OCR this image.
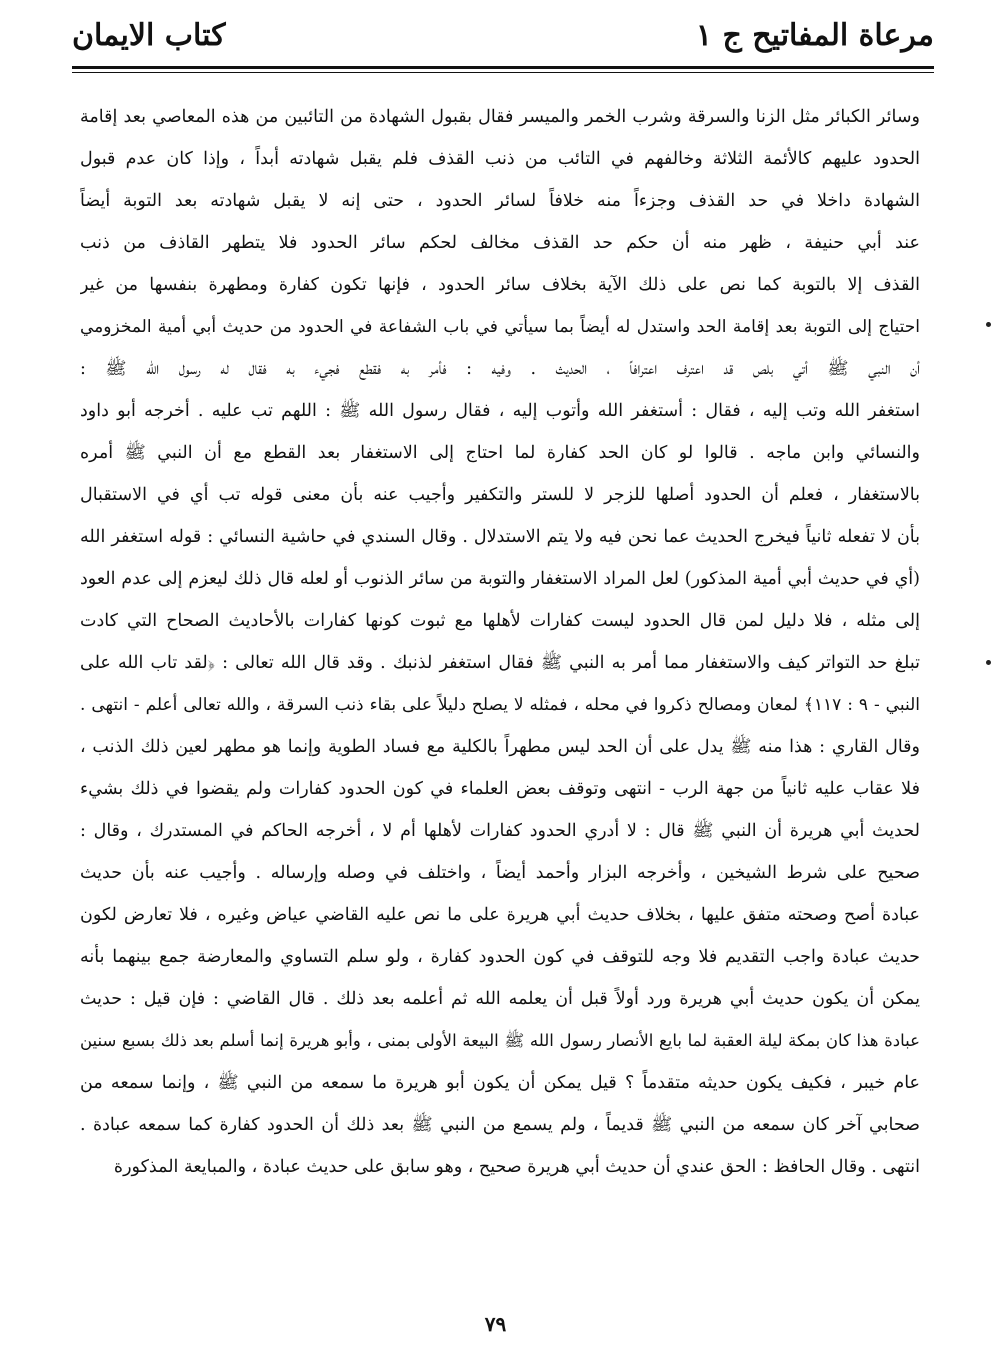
مرعاة المفاتيح ج ١
كتاب الايمان
وسائر الكبائر مثل الزنا والسرقة وشرب الخمر والميسر فقال بقبول الشهادة من التائبين من هذه المعاصي بعد إقامة
الحدود عليهم كالأئمة الثلاثة وخالفهم في التائب من ذنب القذف فلم يقبل شهادته أبداً ، وإذا كان عدم قبول
الشهادة داخلا في حد القذف وجزءاً منه خلافاً لسائر الحدود ، حتى إنه لا يقبل شهادته بعد التوبة أيضاً
عند أبي حنيفة ، ظهر منه أن حكم حد القذف مخالف لحكم سائر الحدود فلا يتطهر القاذف من ذنب
القذف إلا بالتوبة كما نص على ذلك الآية بخلاف سائر الحدود ، فإنها تكون كفارة ومطهرة بنفسها من غير
احتياج إلى التوبة بعد إقامة الحد واستدل له أيضاً بما سيأتي في باب الشفاعة في الحدود من حديث أبي أمية المخزومي
أن النبي ﷺ أتي بلص قد اعترف اعترافاً ، الحديث . وفيه : فأمر به فقطع فجيء به فقال له رسول الله ﷺ :
استغفر الله وتب إليه ، فقال : أستغفر الله وأتوب إليه ، فقال رسول الله ﷺ : اللهم تب عليه . أخرجه أبو داود
والنسائي وابن ماجه . قالوا لو كان الحد كفارة لما احتاج إلى الاستغفار بعد القطع مع أن النبي ﷺ أمره
بالاستغفار ، فعلم أن الحدود أصلها للزجر لا للستر والتكفير وأجيب عنه بأن معنى قوله تب أي في الاستقبال
بأن لا تفعله ثانياً فيخرج الحديث عما نحن فيه ولا يتم الاستدلال . وقال السندي في حاشية النسائي : قوله استغفر الله
(أي في حديث أبي أمية المذكور) لعل المراد الاستغفار والتوبة من سائر الذنوب أو لعله قال ذلك ليعزم إلى عدم العود
إلى مثله ، فلا دليل لمن قال الحدود ليست كفارات لأهلها مع ثبوت كونها كفارات بالأحاديث الصحاح التي كادت
تبلغ حد التواتر كيف والاستغفار مما أمر به النبي ﷺ فقال استغفر لذنبك . وقد قال الله تعالى : ﴿لقد تاب الله على
النبي - ٩ : ١١٧﴾ لمعان ومصالح ذكروا في محله ، فمثله لا يصلح دليلاً على بقاء ذنب السرقة ، والله تعالى أعلم - انتهى .
وقال القاري : هذا منه ﷺ يدل على أن الحد ليس مطهراً بالكلية مع فساد الطوية وإنما هو مطهر لعين ذلك الذنب ،
فلا عقاب عليه ثانياً من جهة الرب - انتهى وتوقف بعض العلماء في كون الحدود كفارات ولم يقضوا في ذلك بشيء
لحديث أبي هريرة أن النبي ﷺ قال : لا أدري الحدود كفارات لأهلها أم لا ، أخرجه الحاكم في المستدرك ، وقال :
صحيح على شرط الشيخين ، وأخرجه البزار وأحمد أيضاً ، واختلف في وصله وإرساله . وأجيب عنه بأن حديث
عبادة أصح وصحته متفق عليها ، بخلاف حديث أبي هريرة على ما نص عليه القاضي عياض وغيره ، فلا تعارض لكون
حديث عبادة واجب التقديم فلا وجه للتوقف في كون الحدود كفارة ، ولو سلم التساوي والمعارضة جمع بينهما بأنه
يمكن أن يكون حديث أبي هريرة ورد أولاً قبل أن يعلمه الله ثم أعلمه بعد ذلك . قال القاضي : فإن قيل : حديث
عبادة هذا كان بمكة ليلة العقبة لما بايع الأنصار رسول الله ﷺ البيعة الأولى بمنى ، وأبو هريرة إنما أسلم بعد ذلك بسبع سنين
عام خيبر ، فكيف يكون حديثه متقدماً ؟ قيل يمكن أن يكون أبو هريرة ما سمعه من النبي ﷺ ، وإنما سمعه من
صحابي آخر كان سمعه من النبي ﷺ قديماً ، ولم يسمع من النبي ﷺ بعد ذلك أن الحدود كفارة كما سمعه عبادة .
انتهى . وقال الحافظ : الحق عندي أن حديث أبي هريرة صحيح ، وهو سابق على حديث عبادة ، والمبايعة المذكورة
٧٩
